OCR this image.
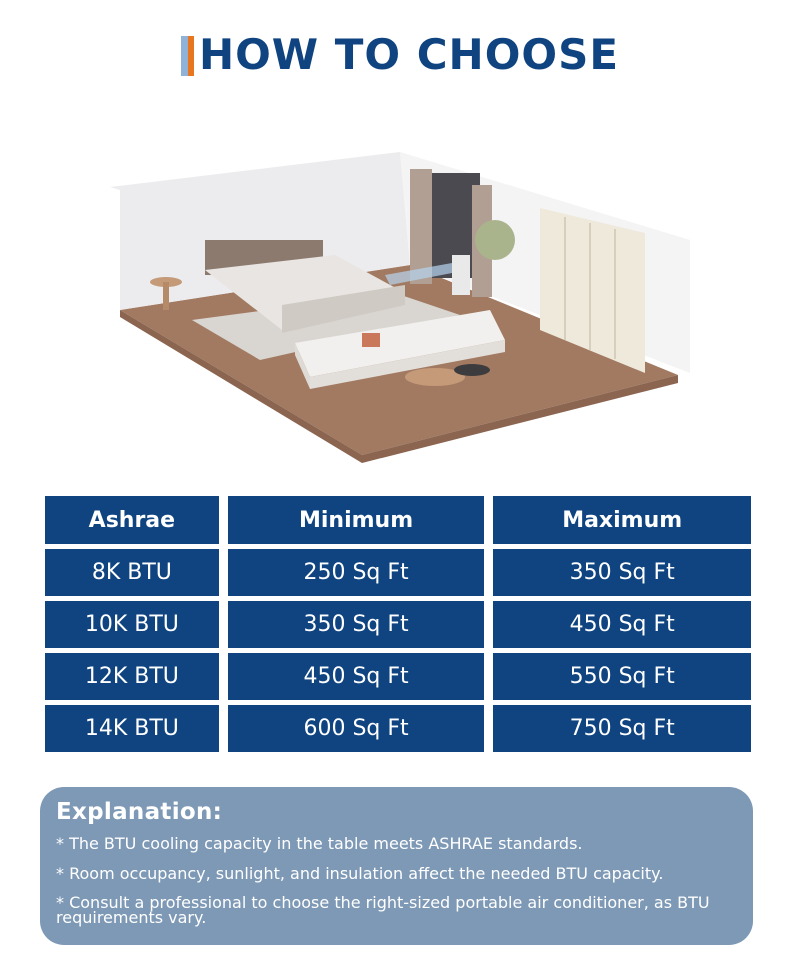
HOW TO CHOOSE
Ashrae	Minimum	Maximum
8K BTU	250 Sq Ft	350 Sq Ft
10K BTU	350 Sq Ft	450 Sq Ft
12K BTU	450 Sq Ft	550 Sq Ft
14K BTU	600 Sq Ft	750 Sq Ft
Explanation:
* The BTU cooling capacity in the table meets ASHRAE standards.
* Room occupancy, sunlight, and insulation affect the needed BTU capacity.
* Consult a professional to choose the right-sized portable air conditioner, as BTU requirements vary.
